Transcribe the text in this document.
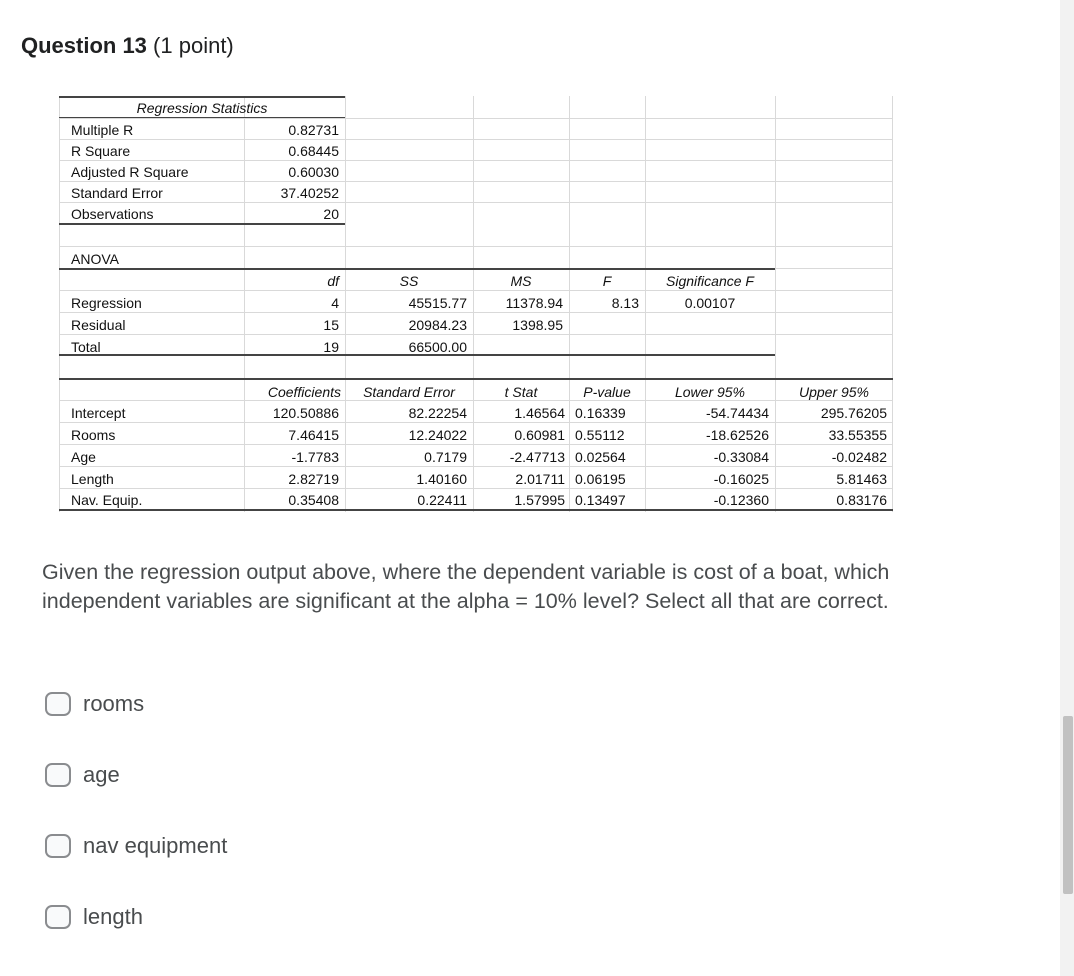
Question 13 (1 point)
Regression Statistics
Multiple R	0.82731
R Square	0.68445
Adjusted R Square	0.60030
Standard Error	37.40252
Observations	20
ANOVA
df	SS	MS	F	Significance F
Regression	4	45515.77	11378.94	8.13	0.00107
Residual	15	20984.23	1398.95
Total	19	66500.00
Coefficients	Standard Error	t Stat	P-value	Lower 95%	Upper 95%
Intercept	120.50886	82.22254	1.46564 0.16339	-54.74434	295.76205
Rooms	7.46415	12.24022	0.60981 0.55112	-18.62526	33.55355
Age	-1.7783	0.7179	-2.47713 0.02564	-0.33084	-0.02482
Length	2.82719	1.40160	2.01711 0.06195	-0.16025	5.81463
Nav. Equip.	0.35408	0.22411	1.57995 0.13497	-0.12360	0.83176
Given the regression output above, where the dependent variable is cost of a boat, which independent variables are significant at the alpha = 10% level? Select all that are correct.
rooms
age
nav equipment
length
